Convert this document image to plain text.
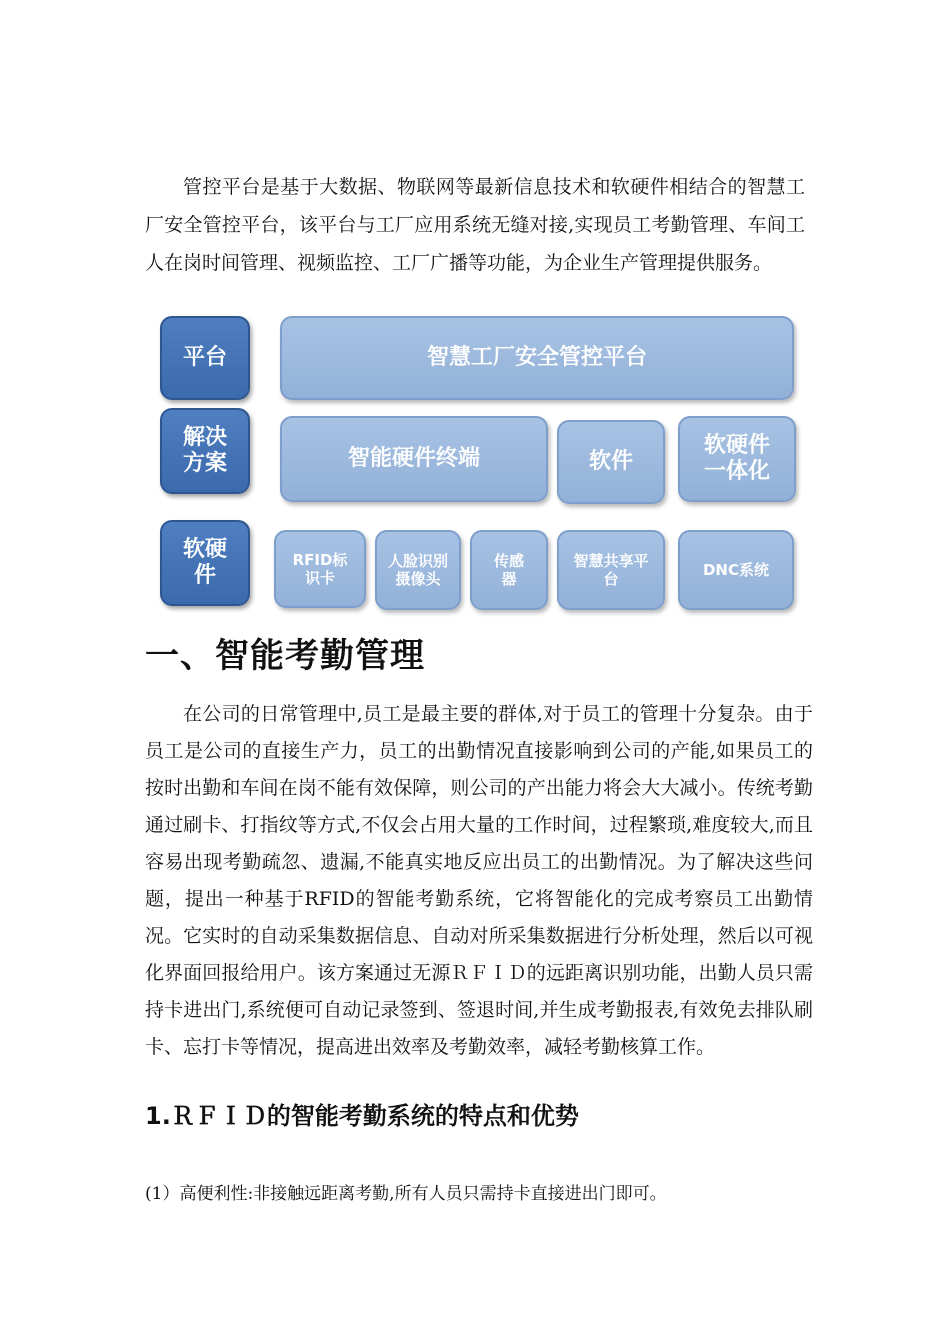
管控平台是基于大数据、物联网等最新信息技术和软硬件相结合的智慧工厂安全管控平台，该平台与工厂应用系统无缝对接,实现员工考勤管理、车间工人在岗时间管理、视频监控、工厂广播等功能，为企业生产管理提供服务。

平台
解决方案
软硬件
智慧工厂安全管控平台
智能硬件终端	软件
软硬件一体化
RFID标识卡
人脸识别摄像头
传感器
智慧共享平台	DNC系统
一、智能考勤管理

在公司的日常管理中,员工是最主要的群体,对于员工的管理十分复杂。由于员工是公司的直接生产力，员工的出勤情况直接影响到公司的产能,如果员工的按时出勤和车间在岗不能有效保障，则公司的产出能力将会大大减小。传统考勤通过刷卡、打指纹等方式,不仅会占用大量的工作时间，过程繁琐,难度较大,而且容易出现考勤疏忽、遗漏,不能真实地反应出员工的出勤情况。为了解决这些问题，提出一种基于RFID的智能考勤系统，它将智能化的完成考察员工出勤情况。它实时的自动采集数据信息、自动对所采集数据进行分析处理，然后以可视化界面回报给用户。该方案通过无源ＲＦＩＤ的远距离识别功能，出勤人员只需持卡进出门,系统便可自动记录签到、签退时间,并生成考勤报表,有效免去排队刷卡、忘打卡等情况，提高进出效率及考勤效率，减轻考勤核算工作。

1.ＲＦＩＤ的智能考勤系统的特点和优势

(1）高便利性:非接触远距离考勤,所有人员只需持卡直接进出门即可。
